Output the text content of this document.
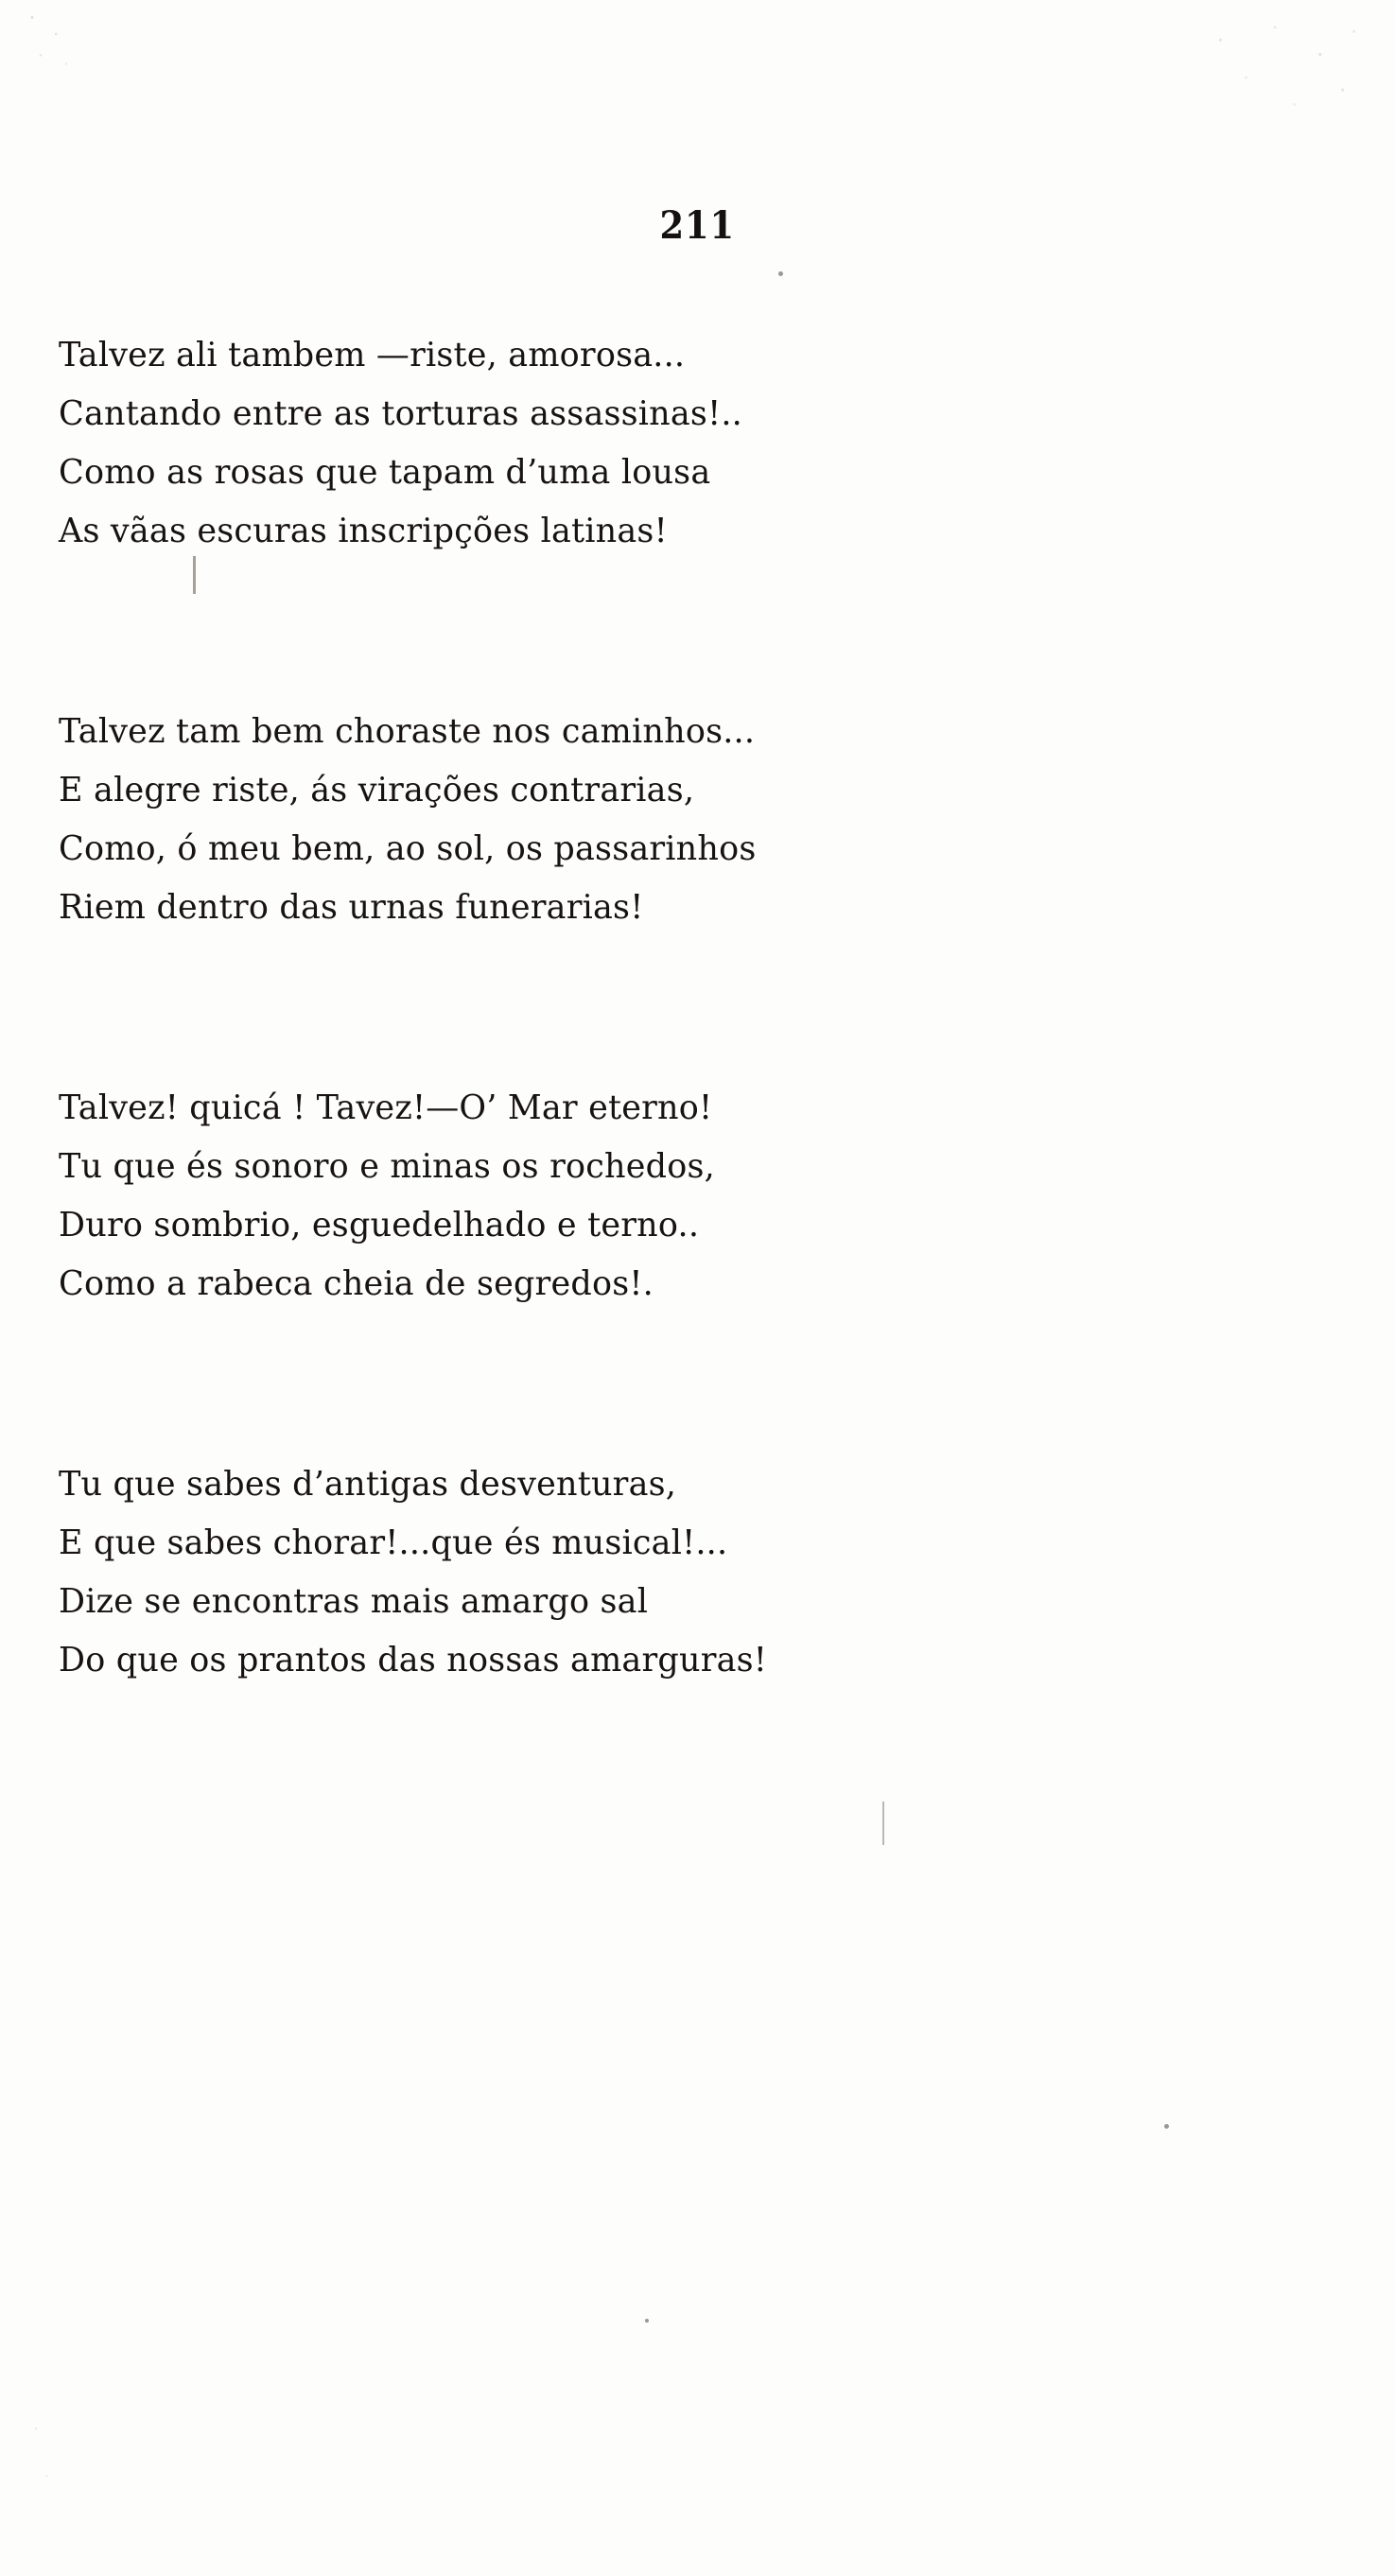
211
Talvez ali tambem —riste, amorosa...
Cantando entre as torturas assassinas!..
Como as rosas que tapam d’uma lousa
As vãas escuras inscripções latinas!
Talvez tam bem choraste nos caminhos...
E alegre riste, ás virações contrarias,
Como, ó meu bem, ao sol, os passarinhos
Riem dentro das urnas funerarias!
Talvez! quicá ! Tavez!—O’ Mar eterno!
Tu que és sonoro e minas os rochedos,
Duro sombrio, esguedelhado e terno..
Como a rabeca cheia de segredos!.
Tu que sabes d’antigas desventuras,
E que sabes chorar!...que és musical!...
Dize se encontras mais amargo sal
Do que os prantos das nossas amarguras!
